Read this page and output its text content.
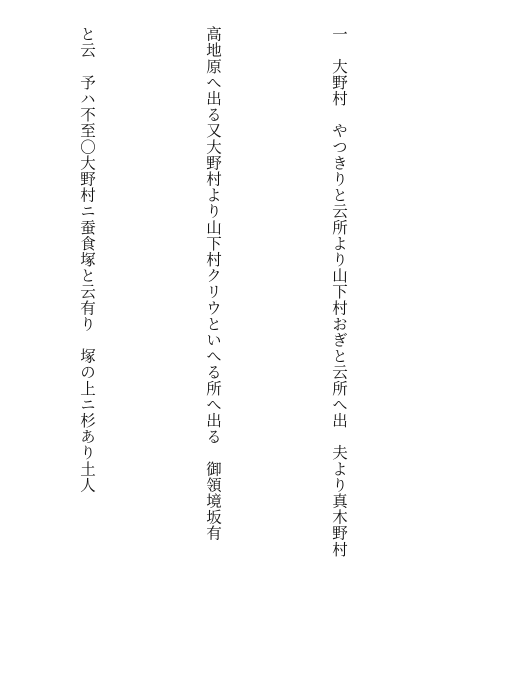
一　大野村　やつきりと云所より山下村おぎと云所へ出　夫より真木野村

高地原へ出る又大野村より山下村クリウといへる所へ出る　御領境坂有

と云　予ハ不至〇大野村ニ蚕食塚と云有り　塚の上ニ杉あり土人
